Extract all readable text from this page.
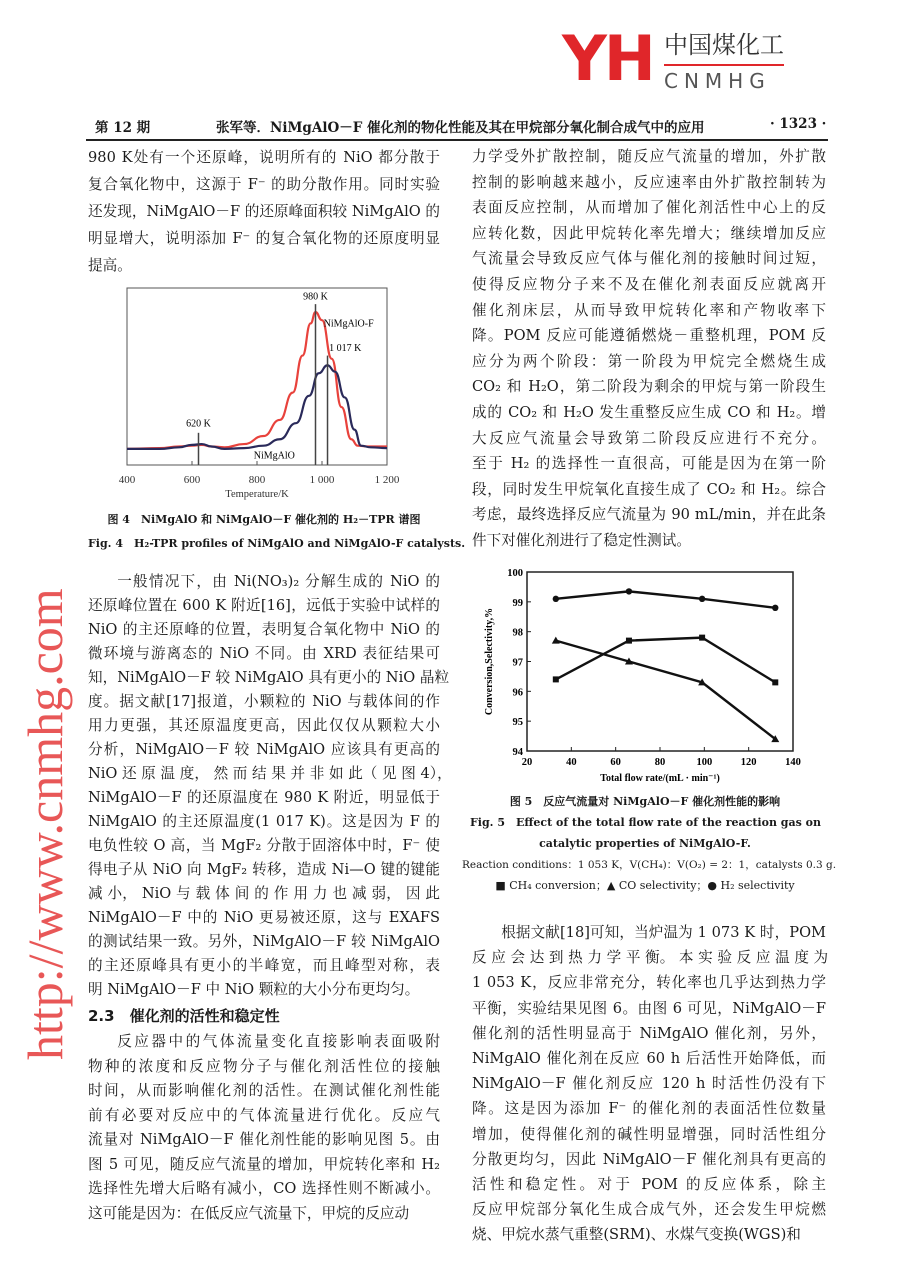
YH 中国煤化工
CNMHG
第 12 期	张军等．NiMgAlO－F 催化剂的物化性能及其在甲烷部分氧化制合成气中的应用	· 1323 ·
980 K处有一个还原峰，说明所有的 NiO 都分散于
复合氧化物中，这源于 F⁻ 的助分散作用。同时实验
还发现，NiMgAlO－F 的还原峰面积较 NiMgAlO 的
明显增大，说明添加 F⁻ 的复合氧化物的还原度明显
提高。
400	600	800	1 000	1 200
Temperature/K
980 K
1 017 K
620 K
NiMgAlO-F
NiMgAlO
图 4　NiMgAlO 和 NiMgAlO－F 催化剂的 H₂－TPR 谱图
Fig. 4　H₂-TPR profiles of NiMgAlO and NiMgAlO-F catalysts.
一般情况下，由 Ni(NO₃)₂ 分解生成的 NiO 的
还原峰位置在 600 K 附近[16]，远低于实验中试样的
NiO 的主还原峰的位置，表明复合氧化物中 NiO 的
微环境与游离态的 NiO 不同。由 XRD 表征结果可
知，NiMgAlO－F 较 NiMgAlO 具有更小的 NiO 晶粒
度。据文献[17]报道，小颗粒的 NiO 与载体间的作
用力更强，其还原温度更高，因此仅仅从颗粒大小
分析，NiMgAlO－F 较 NiMgAlO 应该具有更高的
NiO 还 原 温 度， 然 而 结 果 并 非 如 此（ 见 图 4），
NiMgAlO－F 的还原温度在 980 K 附近，明显低于
NiMgAlO 的主还原温度(1 017 K)。这是因为 F 的
电负性较 O 高，当 MgF₂ 分散于固溶体中时，F⁻ 使
得电子从 NiO 向 MgF₂ 转移，造成 Ni—O 键的键能
减 小， NiO 与 载 体 间 的 作 用 力 也 减 弱， 因 此
NiMgAlO－F 中的 NiO 更易被还原，这与 EXAFS
的测试结果一致。另外，NiMgAlO－F 较 NiMgAlO
的主还原峰具有更小的半峰宽，而且峰型对称，表
明 NiMgAlO－F 中 NiO 颗粒的大小分布更均匀。
2.3　催化剂的活性和稳定性
反应器中的气体流量变化直接影响表面吸附
物种的浓度和反应物分子与催化剂活性位的接触
时间，从而影响催化剂的活性。在测试催化剂性能
前有必要对反应中的气体流量进行优化。反应气
流量对 NiMgAlO－F 催化剂性能的影响见图 5。由
图 5 可见，随反应气流量的增加，甲烷转化率和 H₂
选择性先增大后略有减小，CO 选择性则不断减小。
这可能是因为：在低反应气流量下，甲烷的反应动
力学受外扩散控制，随反应气流量的增加，外扩散
控制的影响越来越小，反应速率由外扩散控制转为
表面反应控制，从而增加了催化剂活性中心上的反
应转化数，因此甲烷转化率先增大；继续增加反应
气流量会导致反应气体与催化剂的接触时间过短，
使得反应物分子来不及在催化剂表面反应就离开
催化剂床层，从而导致甲烷转化率和产物收率下
降。POM 反应可能遵循燃烧－重整机理，POM 反
应分为两个阶段：第一阶段为甲烷完全燃烧生成
CO₂ 和 H₂O，第二阶段为剩余的甲烷与第一阶段生
成的 CO₂ 和 H₂O 发生重整反应生成 CO 和 H₂。增
大反应气流量会导致第二阶段反应进行不充分。
至于 H₂ 的选择性一直很高，可能是因为在第一阶
段，同时发生甲烷氧化直接生成了 CO₂ 和 H₂。综合
考虑，最终选择反应气流量为 90 mL/min，并在此条
件下对催化剂进行了稳定性测试。
20	40	60	80	100	120	140
94
95
96
97
98
99
100
Total flow rate/(mL · min⁻¹)
Conversion,Selectivity,%
图 5　反应气流量对 NiMgAlO－F 催化剂性能的影响
Fig. 5　Effect of the total flow rate of the reaction gas on
catalytic properties of NiMgAlO-F.
Reaction conditions：1 053 K，V(CH₄)：V(O₂) = 2：1，catalysts 0.3 g.
■ CH₄ conversion；▲ CO selectivity；● H₂ selectivity
根据文献[18]可知，当炉温为 1 073 K 时，POM
反 应 会 达 到 热 力 学 平 衡。 本 实 验 反 应 温 度 为
1 053 K，反应非常充分，转化率也几乎达到热力学
平衡，实验结果见图 6。由图 6 可见，NiMgAlO－F
催化剂的活性明显高于 NiMgAlO 催化剂，另外，
NiMgAlO 催化剂在反应 60 h 后活性开始降低，而
NiMgAlO－F 催化剂反应 120 h 时活性仍没有下
降。这是因为添加 F⁻ 的催化剂的表面活性位数量
增加，使得催化剂的碱性明显增强，同时活性组分
分散更均匀，因此 NiMgAlO－F 催化剂具有更高的
活性和稳定性。对于 POM 的反应体系，除主
反应甲烷部分氧化生成合成气外，还会发生甲烷燃
烧、甲烷水蒸气重整(SRM)、水煤气变换(WGS)和
http://www.cnmhg.com
